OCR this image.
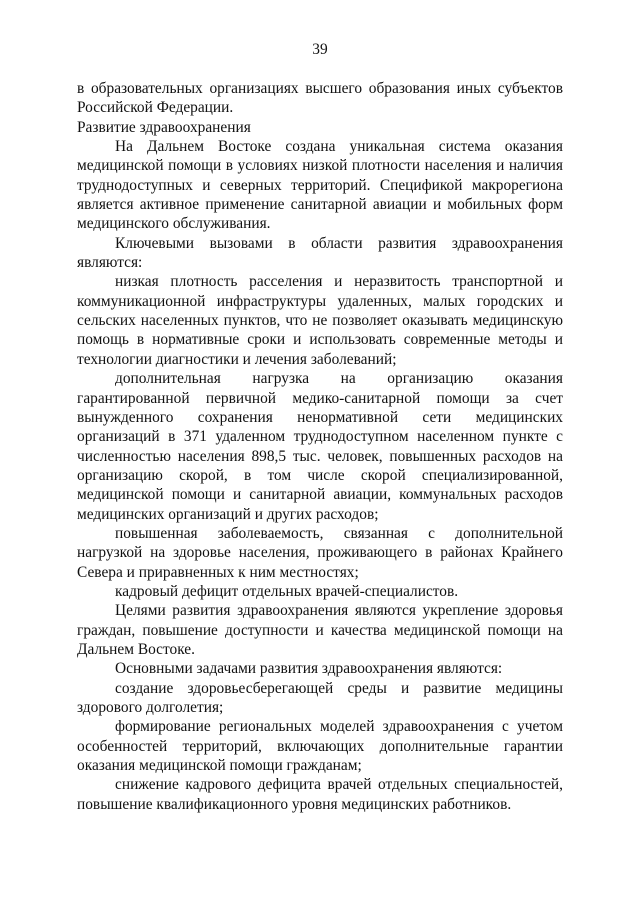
39

в образовательных организациях высшего образования иных субъектов Российской Федерации.

Развитие здравоохранения

На Дальнем Востоке создана уникальная система оказания медицинской помощи в условиях низкой плотности населения и наличия труднодоступных и северных территорий. Спецификой макрорегиона является активное применение санитарной авиации и мобильных форм медицинского обслуживания.

Ключевыми вызовами в области развития здравоохранения являются:

низкая плотность расселения и неразвитость транспортной и коммуникационной инфраструктуры удаленных, малых городских и сельских населенных пунктов, что не позволяет оказывать медицинскую помощь в нормативные сроки и использовать современные методы и технологии диагностики и лечения заболеваний;

дополнительная нагрузка на организацию оказания гарантированной первичной медико-санитарной помощи за счет вынужденного сохранения ненормативной сети медицинских организаций в 371 удаленном труднодоступном населенном пункте с численностью населения 898,5 тыс. человек, повышенных расходов на организацию скорой, в том числе скорой специализированной, медицинской помощи и санитарной авиации, коммунальных расходов медицинских организаций и других расходов;

повышенная заболеваемость, связанная с дополнительной нагрузкой на здоровье населения, проживающего в районах Крайнего Севера и приравненных к ним местностях;

кадровый дефицит отдельных врачей-специалистов.

Целями развития здравоохранения являются укрепление здоровья граждан, повышение доступности и качества медицинской помощи на Дальнем Востоке.

Основными задачами развития здравоохранения являются:

создание здоровьесберегающей среды и развитие медицины здорового долголетия;

формирование региональных моделей здравоохранения с учетом особенностей территорий, включающих дополнительные гарантии оказания медицинской помощи гражданам;

снижение кадрового дефицита врачей отдельных специальностей, повышение квалификационного уровня медицинских работников.
